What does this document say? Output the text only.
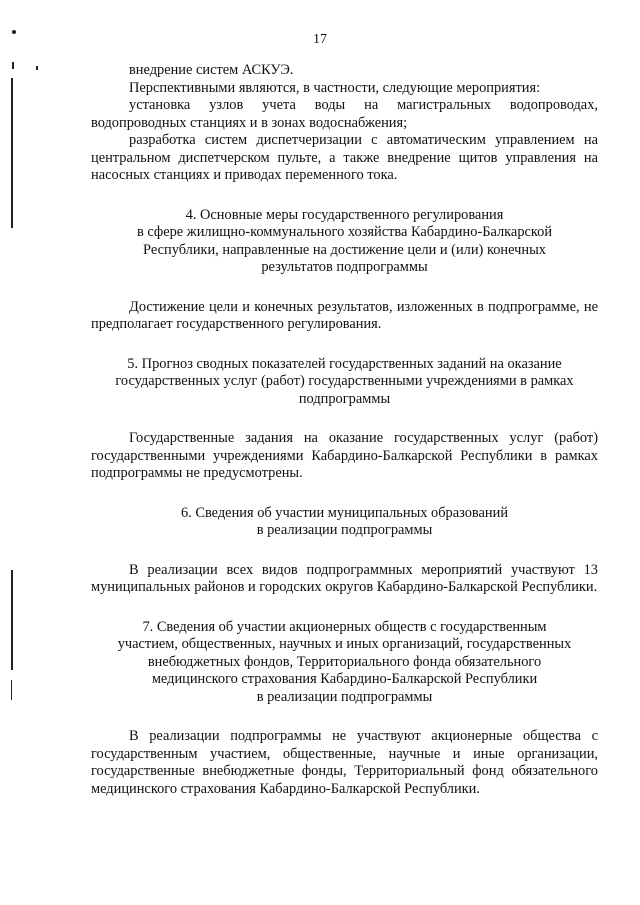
17

внедрение систем АСКУЭ.

Перспективными являются, в частности, следующие мероприятия:

установка узлов учета воды на магистральных водопроводах, водопроводных станциях и в зонах водоснабжения;

разработка систем диспетчеризации с автоматическим управлением на центральном диспетчерском пульте, а также внедрение щитов управления на насосных станциях и приводах переменного тока.

4. Основные меры государственного регулирования

в сфере жилищно-коммунального хозяйства Кабардино-Балкарской

Республики, направленные на достижение цели и (или) конечных

результатов подпрограммы

Достижение цели и конечных результатов, изложенных в подпрограмме, не предполагает государственного регулирования.

5. Прогноз сводных показателей государственных заданий на оказание

государственных услуг (работ) государственными учреждениями в рамках

подпрограммы

Государственные задания на оказание государственных услуг (работ) государственными учреждениями Кабардино-Балкарской Республики в рамках подпрограммы не предусмотрены.

6. Сведения об участии муниципальных образований

в реализации подпрограммы

В реализации всех видов подпрограммных мероприятий участвуют 13 муниципальных районов и городских округов Кабардино-Балкарской Республики.

7. Сведения об участии акционерных обществ с государственным

участием, общественных, научных и иных организаций, государственных

внебюджетных фондов, Территориального фонда обязательного

медицинского страхования Кабардино-Балкарской Республики

в реализации подпрограммы

В реализации подпрограммы не участвуют акционерные общества с государственным участием, общественные, научные и иные организации, государственные внебюджетные фонды, Территориальный фонд обязательного медицинского страхования Кабардино-Балкарской Республики.
